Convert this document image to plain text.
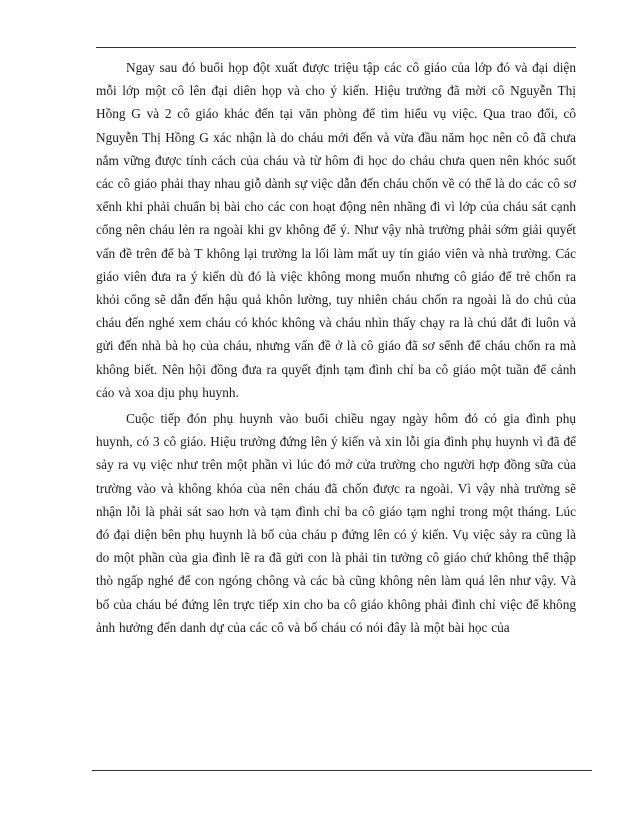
Ngay sau đó buổi họp đột xuất được triệu tập các cô giáo của lớp đó và đại diện mỗi lớp một cô lên đại diên họp và cho ý kiến. Hiệu trưởng đã mời cô Nguyễn Thị Hồng G và 2 cô giáo khác đến tại văn phòng để tìm hiểu vụ việc. Qua trao đổi, cô Nguyễn Thị Hồng G xác nhận là do cháu mới đến và vừa đầu năm học nên cô đã chưa nắm vững được tính cách của cháu và từ hôm đi học do cháu chưa quen nên khóc suốt các cô giáo phải thay nhau giỗ dành sự việc dẫn đến cháu chốn về có thể là do các cô sơ xểnh khi phải chuẩn bị bài cho các con hoạt động nên nhãng đi vì lớp của cháu sát cạnh cổng nên cháu lẻn ra ngoài khi gv không để ý. Như vậy nhà trường phải sớm giải quyết vấn đề trên để bà T không lại trường la lối làm mất uy tín giáo viên và nhà trường. Các giáo viên đưa ra ý kiến dù đó là việc không mong muốn nhưng cô giáo để trẻ chốn ra khỏi cổng sẽ dẫn đến hậu quả khôn lường, tuy nhiên cháu chốn ra ngoài là do chủ của cháu đến nghé xem cháu có khóc không và cháu nhìn thấy chạy ra là chú dắt đi luôn và gửi đến nhà bà họ của cháu, nhưng vấn đề ở là cô giáo đã sơ sểnh để cháu chốn ra mà không biết. Nên hội đồng đưa ra quyết định tạm đình chỉ ba cô giáo một tuần để cảnh cáo và xoa dịu phụ huynh.

Cuộc tiếp đón phụ huynh vào buổi chiều ngay ngày hôm đó có gia đình phụ huynh, có 3 cô giáo. Hiệu trưởng đứng lên ý kiến và xin lỗi gia đình phụ huynh vì đã để sảy ra vụ việc như trên một phần vì lúc đó mở cửa trường cho người hợp đồng sữa của trường vào và không khóa của nên cháu đã chốn được ra ngoài. Vì vậy nhà trường sẽ nhận lỗi là phải sát sao hơn và tạm đình chỉ ba cô giáo tạm nghỉ trong một tháng. Lúc đó đại diện bên phụ huynh là bố của cháu p đứng lên có ý kiến. Vụ việc sảy ra cũng là do một phần của gia đình lẽ ra đã gửi con là phải tin tưởng cô giáo chứ không thể thập thò ngấp nghé để con ngóng chông và các bà cũng không nên làm quá lên như vậy. Và bố của cháu bé đứng lên trực tiếp xin cho ba cô giáo không phải đình chỉ việc để không ảnh hưởng đến danh dự của các cô và bố cháu có nói đây là một bài học của
